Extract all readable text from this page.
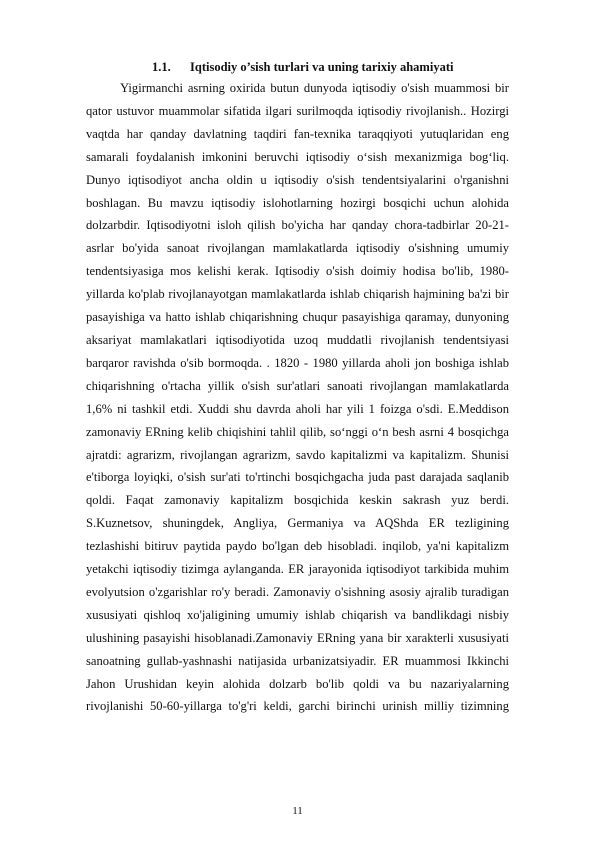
1.1. Iqtisodiy o’sish turlari va uning tarixiy ahamiyati
Yigirmanchi asrning oxirida butun dunyoda iqtisodiy o'sish muammosi bir
qator ustuvor muammolar sifatida ilgari surilmoqda iqtisodiy rivojlanish.. Hozirgi
vaqtda har qanday davlatning taqdiri fan-texnika taraqqiyoti yutuqlaridan eng
samarali foydalanish imkonini beruvchi iqtisodiy o‘sish mexanizmiga bog‘liq.
Dunyo iqtisodiyot ancha oldin u iqtisodiy o'sish tendentsiyalarini o'rganishni
boshlagan. Bu mavzu iqtisodiy islohotlarning hozirgi bosqichi uchun alohida
dolzarbdir. Iqtisodiyotni isloh qilish bo'yicha har qanday chora-tadbirlar 20-21-
asrlar bo'yida sanoat rivojlangan mamlakatlarda iqtisodiy o'sishning umumiy
tendentsiyasiga mos kelishi kerak. Iqtisodiy o'sish doimiy hodisa bo'lib, 1980-
yillarda ko'plab rivojlanayotgan mamlakatlarda ishlab chiqarish hajmining ba'zi bir
pasayishiga va hatto ishlab chiqarishning chuqur pasayishiga qaramay, dunyoning
aksariyat mamlakatlari iqtisodiyotida uzoq muddatli rivojlanish tendentsiyasi
barqaror ravishda o'sib bormoqda. . 1820 - 1980 yillarda aholi jon boshiga ishlab
chiqarishning o'rtacha yillik o'sish sur'atlari sanoati rivojlangan mamlakatlarda
1,6% ni tashkil etdi. Xuddi shu davrda aholi har yili 1 foizga o'sdi. E.Meddison
zamonaviy ERning kelib chiqishini tahlil qilib, so‘nggi o‘n besh asrni 4 bosqichga
ajratdi: agrarizm, rivojlangan agrarizm, savdo kapitalizmi va kapitalizm. Shunisi
e'tiborga loyiqki, o'sish sur'ati to'rtinchi bosqichgacha juda past darajada saqlanib
qoldi. Faqat zamonaviy kapitalizm bosqichida keskin sakrash yuz berdi.
S.Kuznetsov, shuningdek, Angliya, Germaniya va AQShda ER tezligining
tezlashishi bitiruv paytida paydo bo'lgan deb hisobladi. inqilob, ya'ni kapitalizm
yetakchi iqtisodiy tizimga aylanganda. ER jarayonida iqtisodiyot tarkibida muhim
evolyutsion o'zgarishlar ro'y beradi. Zamonaviy o'sishning asosiy ajralib turadigan
xususiyati qishloq xo'jaligining umumiy ishlab chiqarish va bandlikdagi nisbiy
ulushining pasayishi hisoblanadi.Zamonaviy ERning yana bir xarakterli xususiyati
sanoatning gullab-yashnashi natijasida urbanizatsiyadir. ER muammosi Ikkinchi
Jahon Urushidan keyin alohida dolzarb bo'lib qoldi va bu nazariyalarning
rivojlanishi 50-60-yillarga to'g'ri keldi, garchi birinchi urinish milliy tizimning
11
